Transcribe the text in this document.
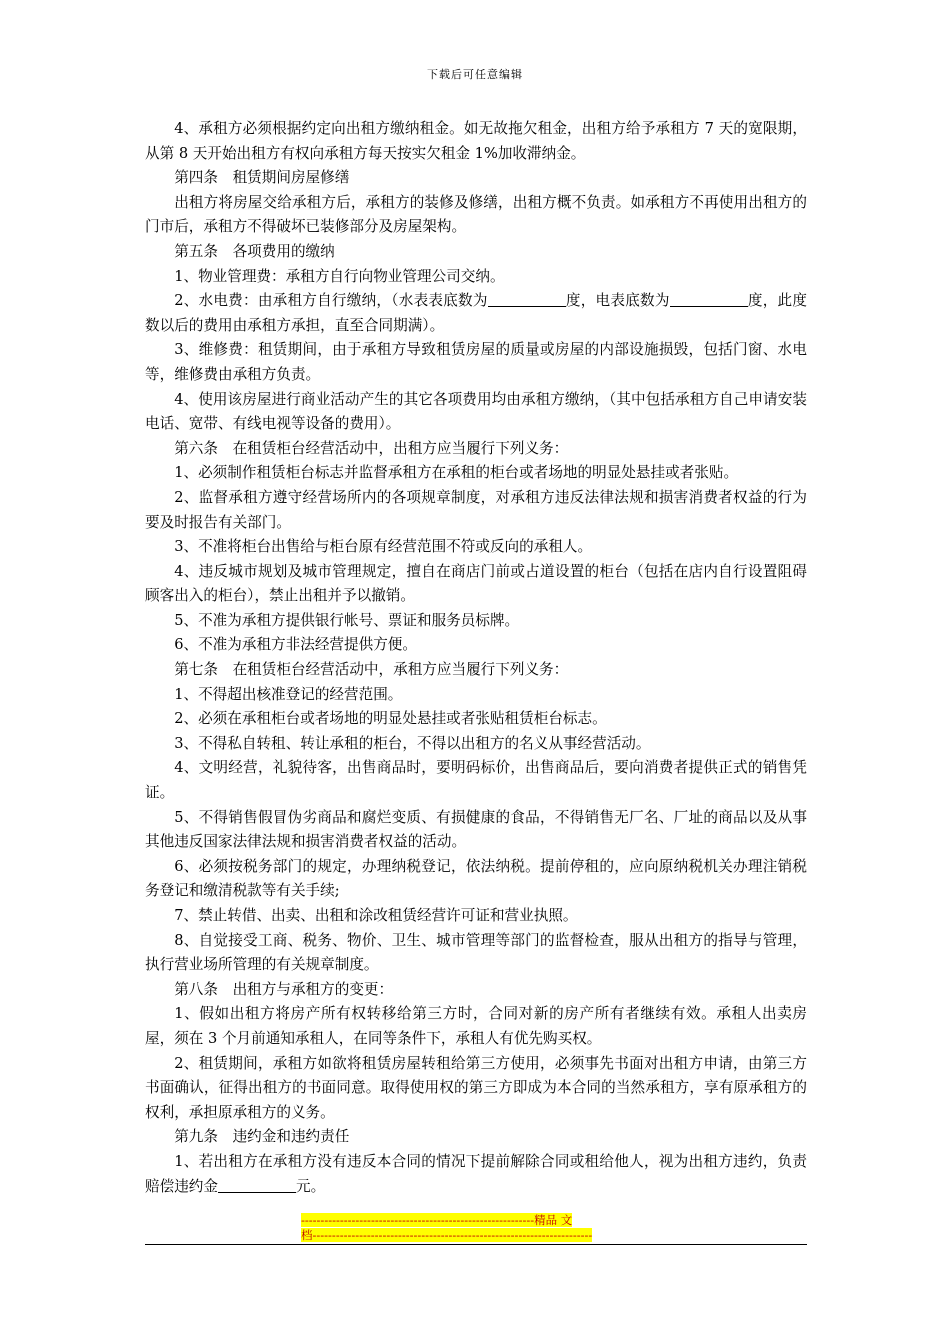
下载后可任意编辑

4、承租方必须根据约定向出租方缴纳租金。如无故拖欠租金，出租方给予承租方 7 天的宽限期，从第 8 天开始出租方有权向承租方每天按实欠租金 1%加收滞纳金。

第四条　租赁期间房屋修缮

出租方将房屋交给承租方后，承租方的装修及修缮，出租方概不负责。如承租方不再使用出租方的门市后，承租方不得破坏已装修部分及房屋架构。

第五条　各项费用的缴纳

1、物业管理费：承租方自行向物业管理公司交纳。

2、水电费：由承租方自行缴纳，（水表表底数为	度，电表底数为	度，此度数以后的费用由承租方承担，直至合同期满）。

3、维修费：租赁期间，由于承租方导致租赁房屋的质量或房屋的内部设施损毁，包括门窗、水电等，维修费由承租方负责。

4、使用该房屋进行商业活动产生的其它各项费用均由承租方缴纳，（其中包括承租方自己申请安装电话、宽带、有线电视等设备的费用）。

第六条　在租赁柜台经营活动中，出租方应当履行下列义务：

1、必须制作租赁柜台标志并监督承租方在承租的柜台或者场地的明显处悬挂或者张贴。

2、监督承租方遵守经营场所内的各项规章制度，对承租方违反法律法规和损害消费者权益的行为要及时报告有关部门。

3、不准将柜台出售给与柜台原有经营范围不符或反向的承租人。

4、违反城市规划及城市管理规定，擅自在商店门前或占道设置的柜台（包括在店内自行设置阻碍顾客出入的柜台），禁止出租并予以撤销。

5、不准为承租方提供银行帐号、票证和服务员标牌。

6、不准为承租方非法经营提供方便。

第七条　在租赁柜台经营活动中，承租方应当履行下列义务：

1、不得超出核准登记的经营范围。

2、必须在承租柜台或者场地的明显处悬挂或者张贴租赁柜台标志。

3、不得私自转租、转让承租的柜台，不得以出租方的名义从事经营活动。

4、文明经营，礼貌待客，出售商品时，要明码标价，出售商品后，要向消费者提供正式的销售凭证。

5、不得销售假冒伪劣商品和腐烂变质、有损健康的食品，不得销售无厂名、厂址的商品以及从事其他违反国家法律法规和损害消费者权益的活动。

6、必须按税务部门的规定，办理纳税登记，依法纳税。提前停租的，应向原纳税机关办理注销税务登记和缴清税款等有关手续;

7、禁止转借、出卖、出租和涂改租赁经营许可证和营业执照。

8、自觉接受工商、税务、物价、卫生、城市管理等部门的监督检查，服从出租方的指导与管理，执行营业场所管理的有关规章制度。

第八条　出租方与承租方的变更：

1、假如出租方将房产所有权转移给第三方时，合同对新的房产所有者继续有效。承租人出卖房屋，须在 3 个月前通知承租人，在同等条件下，承租人有优先购买权。

2、租赁期间，承租方如欲将租赁房屋转租给第三方使用，必须事先书面对出租方申请，由第三方书面确认，征得出租方的书面同意。取得使用权的第三方即成为本合同的当然承租方，享有原承租方的权利，承担原承租方的义务。

第九条　违约金和违约责任

1、若出租方在承租方没有违反本合同的情况下提前解除合同或租给他人，视为出租方违约，负责赔偿违约金	元。

------------------------------------------------------------精品 文
档------------------------------------------------------------------------
